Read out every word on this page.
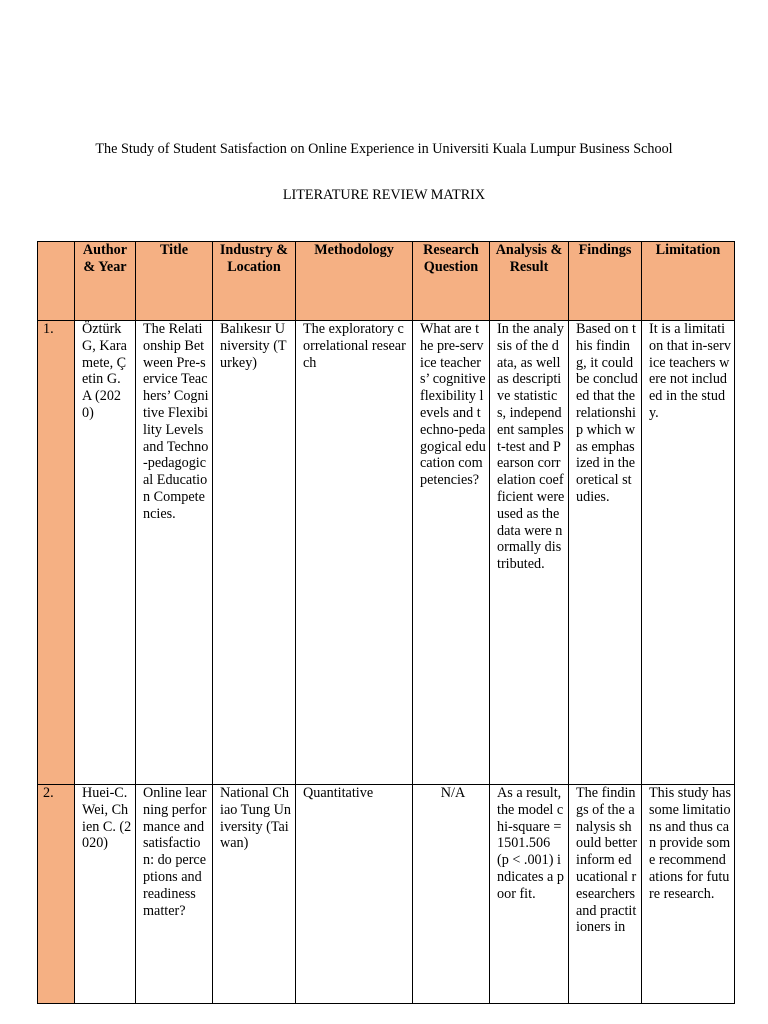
The Study of Student Satisfaction on Online Experience in Universiti Kuala Lumpur Business School
LITERATURE REVIEW MATRIX
	Author & Year	Title	Industry & Location	Methodology	Research Question	Analysis & Result	Findings	Limitation
1.	Öztürk G, Karamete, Çetin G. A (2020)	The Relationship Between Pre-service Teachers’ Cognitive Flexibility Levels and Techno-pedagogical Education Competencies.	Balıkesır University (Turkey)	The exploratory correlational research	What are the pre-service teachers’ cognitive flexibility levels and techno-pedagogical education competencies?	In the analysis of the data, as well as descriptive statistics, independent samples t-test and Pearson correlation coefficient were used as the data were normally distributed.	Based on this finding, it could be concluded that the relationship which was emphasized in theoretical studies.	It is a limitation that in-service teachers were not included in the study.
2.	Huei-C. Wei, Chien C. (2020)	Online learning performance and satisfaction: do perceptions and readiness matter?	National Chiao Tung University (Taiwan)	Quantitative	N/A	As a result, the model chi-square = 1501.506 (p < .001) indicates a poor fit.	The findings of the analysis should better inform educational researchers and practitioners in	This study has some limitations and thus can provide some recommendations for future research.
